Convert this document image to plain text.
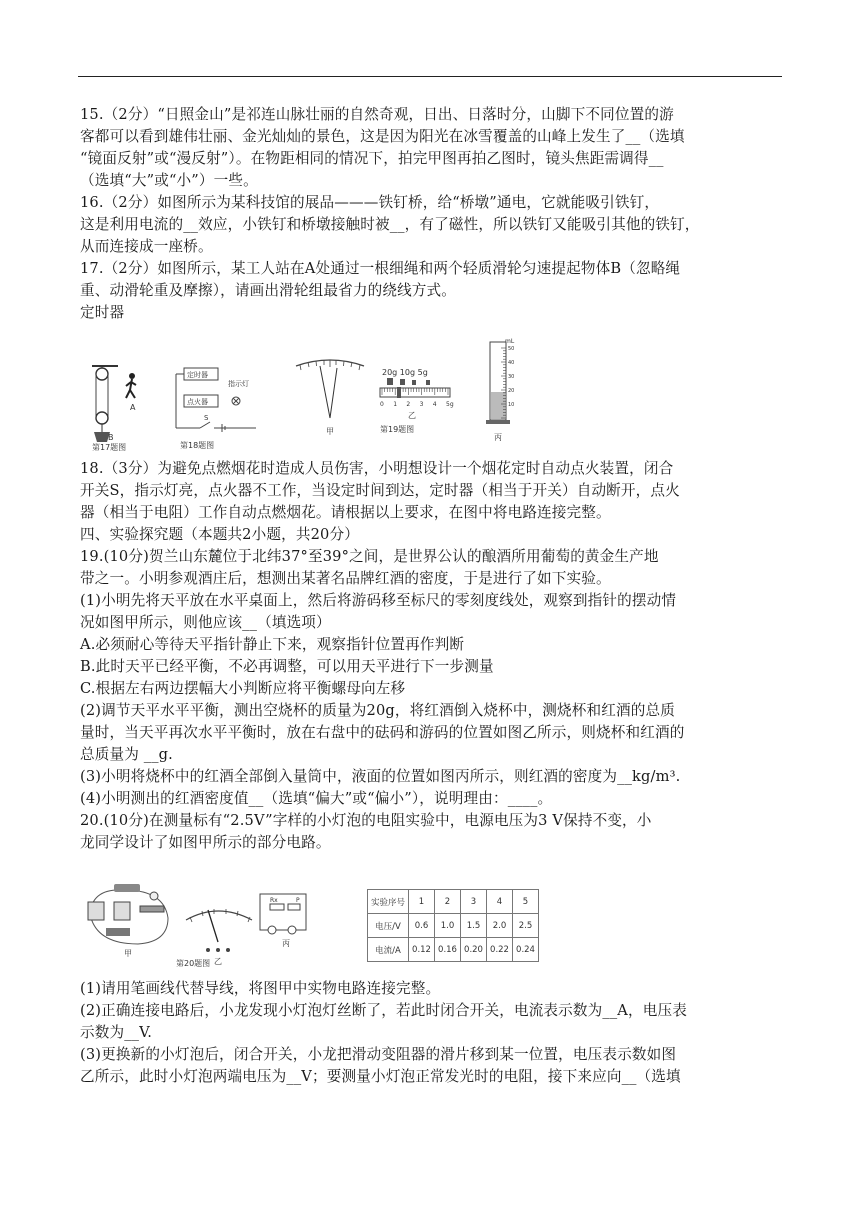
15.（2分）“日照金山”是祁连山脉壮丽的自然奇观，日出、日落时分，山脚下不同位置的游
客都可以看到雄伟壮丽、金光灿灿的景色，这是因为阳光在冰雪覆盖的山峰上发生了__（选填
“镜面反射”或“漫反射”）。在物距相同的情况下，拍完甲图再拍乙图时，镜头焦距需调得__
（选填“大”或“小”）一些。
16.（2分）如图所示为某科技馆的展品———铁钉桥，给“桥墩”通电，它就能吸引铁钉，
这是利用电流的__效应，小铁钉和桥墩接触时被__，有了磁性，所以铁钉又能吸引其他的铁钉，
从而连接成一座桥。
17.（2分）如图所示，某工人站在A处通过一根细绳和两个轻质滑轮匀速提起物体B（忽略绳
重、动滑轮重及摩擦），请画出滑轮组最省力的绕线方式。
定时器
18.（3分）为避免点燃烟花时造成人员伤害，小明想设计一个烟花定时自动点火装置，闭合
开关S，指示灯亮，点火器不工作，当设定时间到达，定时器（相当于开关）自动断开，点火
器（相当于电阻）工作自动点燃烟花。请根据以上要求，在图中将电路连接完整。
四、实验探究题（本题共2小题，共20分）
19.(10分)贺兰山东麓位于北纬37°至39°之间，是世界公认的酿酒所用葡萄的黄金生产地
带之一。小明参观酒庄后，想测出某著名品牌红酒的密度，于是进行了如下实验。
(1)小明先将天平放在水平桌面上，然后将游码移至标尺的零刻度线处，观察到指针的摆动情
况如图甲所示，则他应该__（填选项）
A.必须耐心等待天平指针静止下来，观察指针位置再作判断
B.此时天平已经平衡，不必再调整，可以用天平进行下一步测量
C.根据左右两边摆幅大小判断应将平衡螺母向左移
(2)调节天平水平平衡，测出空烧杯的质量为20g，将红酒倒入烧杯中，测烧杯和红酒的总质
量时，当天平再次水平平衡时，放在右盘中的砝码和游码的位置如图乙所示，则烧杯和红酒的
总质量为 __g.
(3)小明将烧杯中的红酒全部倒入量筒中，液面的位置如图丙所示，则红酒的密度为__kg/m³.
(4)小明测出的红酒密度值__（选填“偏大”或“偏小”），说明理由：____。
20.(10分)在测量标有“2.5V”字样的小灯泡的电阻实验中，电源电压为3 V保持不变，小
龙同学设计了如图甲所示的部分电路。
(1)请用笔画线代替导线，将图甲中实物电路连接完整。
(2)正确连接电路后，小龙发现小灯泡灯丝断了，若此时闭合开关，电流表示数为__A，电压表
示数为__V.
(3)更换新的小灯泡后，闭合开关，小龙把滑动变阻器的滑片移到某一位置，电压表示数如图
乙所示，此时小灯泡两端电压为__V；要测量小灯泡正常发光时的电阻，接下来应向__（选填
B
A
第17题图
定时器
点火器
指示灯
S
第18题图
甲
20g 10g 5g
0 1 2 3 4 5g
乙
第19题图
mL
50
40
30
20
10
丙
甲
乙
Rx	P
丙
第20题图
实验序号	1	2	3	4	5
电压/V	0.6	1.0	1.5	2.0	2.5
电流/A	0.12	0.16	0.20	0.22	0.24
